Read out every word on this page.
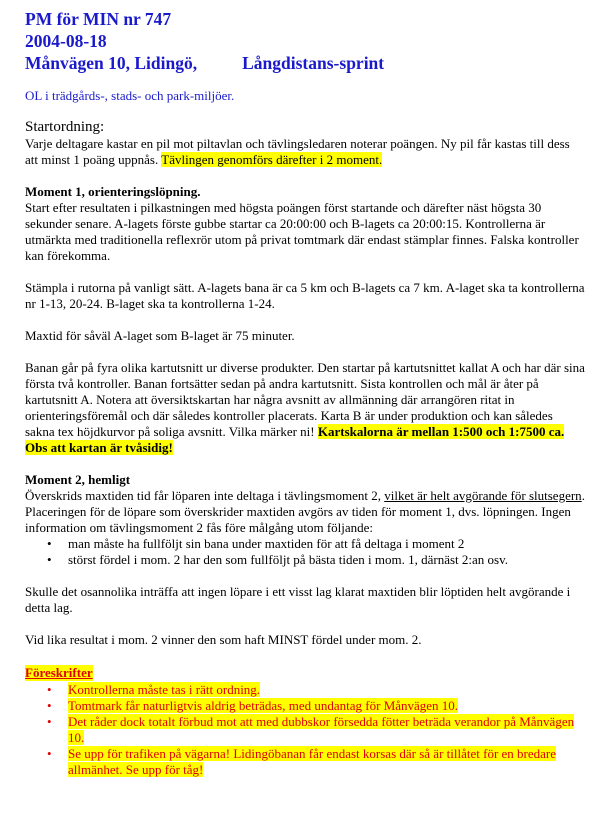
PM för MIN nr 747
2004-08-18
Månvägen 10, Lidingö,	Långdistans-sprint
OL i trädgårds-, stads- och park-miljöer.
Startordning:

Varje deltagare kastar en pil mot piltavlan och tävlingsledaren noterar poängen. Ny pil får kastas till dess att minst 1 poäng uppnås. Tävlingen genomförs därefter i 2 moment.

Moment 1, orienteringslöpning.

Start efter resultaten i pilkastningen med högsta poängen först startande och därefter näst högsta 30 sekunder senare. A-lagets förste gubbe startar ca 20:00:00 och B-lagets ca 20:00:15. Kontrollerna är utmärkta med traditionella reflexrör utom på privat tomtmark där endast stämplar finnes. Falska kontroller kan förekomma.

Stämpla i rutorna på vanligt sätt. A-lagets bana är ca 5 km och B-lagets ca 7 km. A-laget ska ta kontrollerna nr 1-13, 20-24. B-laget ska ta kontrollerna 1-24.

Maxtid för såväl A-laget som B-laget är 75 minuter.

Banan går på fyra olika kartutsnitt ur diverse produkter. Den startar på kartutsnittet kallat A och har där sina första två kontroller. Banan fortsätter sedan på andra kartutsnitt. Sista kontrollen och mål är åter på kartutsnitt A. Notera att översiktskartan har några avsnitt av allmänning där arrangören ritat in orienteringsföremål och där således kontroller placerats. Karta B är under produktion och kan således sakna tex höjdkurvor på soliga avsnitt. Vilka märker ni! Kartskalorna är mellan 1:500 och 1:7500 ca. Obs att kartan är tvåsidig!

Moment 2, hemligt

Överskrids maxtiden tid får löparen inte deltaga i tävlingsmoment 2, vilket är helt avgörande för slutsegern. Placeringen för de löpare som överskrider maxtiden avgörs av tiden för moment 1, dvs. löpningen. Ingen information om tävlingsmoment 2 fås före målgång utom följande:

• man måste ha fullföljt sin bana under maxtiden för att få deltaga i moment 2
• störst fördel i mom. 2 har den som fullföljt på bästa tiden i mom. 1, därnäst 2:an osv.

Skulle det osannolika inträffa att ingen löpare i ett visst lag klarat maxtiden blir löptiden helt avgörande i detta lag.

Vid lika resultat i mom. 2 vinner den som haft MINST fördel under mom. 2.

Föreskrifter
• Kontrollerna måste tas i rätt ordning.
• Tomtmark får naturligtvis aldrig beträdas, med undantag för Månvägen 10.
• Det råder dock totalt förbud mot att med dubbskor försedda fötter beträda verandor på Månvägen 10.
• Se upp för trafiken på vägarna! Lidingöbanan får endast korsas där så är tillåtet för en bredare allmänhet. Se upp för tåg!
